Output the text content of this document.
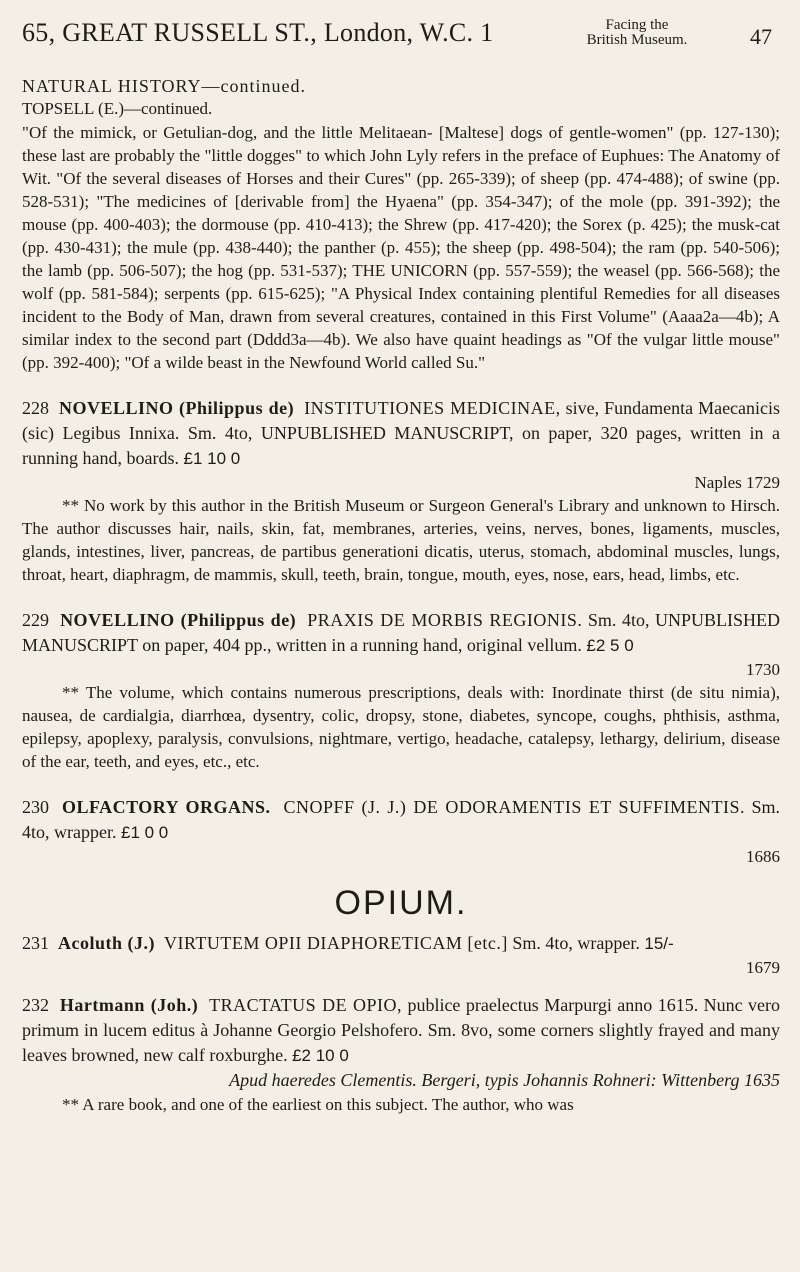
65, GREAT RUSSELL ST., London, W.C. 1	Facing the
British Museum.	47
NATURAL HISTORY—continued.
TOPSELL (E.)—continued.

"Of the mimick, or Getulian-dog, and the little Melitaean- [Maltese] dogs of gentle-women" (pp. 127-130); these last are probably the "little dogges" to which John Lyly refers in the preface of Euphues: The Anatomy of Wit. "Of the several diseases of Horses and their Cures" (pp. 265-339); of sheep (pp. 474-488); of swine (pp. 528-531); "The medicines of [derivable from] the Hyaena" (pp. 354-347); of the mole (pp. 391-392); the mouse (pp. 400-403); the dormouse (pp. 410-413); the Shrew (pp. 417-420); the Sorex (p. 425); the musk-cat (pp. 430-431); the mule (pp. 438-440); the panther (p. 455); the sheep (pp. 498-504); the ram (pp. 540-506); the lamb (pp. 506-507); the hog (pp. 531-537); THE UNICORN (pp. 557-559); the weasel (pp. 566-568); the wolf (pp. 581-584); serpents (pp. 615-625); "A Physical Index containing plentiful Remedies for all diseases incident to the Body of Man, drawn from several creatures, contained in this First Volume" (Aaaa2a—4b); A similar index to the second part (Dddd3a—4b). We also have quaint headings as "Of the vulgar little mouse" (pp. 392-400); "Of a wilde beast in the Newfound World called Su."

228 NOVELLINO (Philippus de) INSTITUTIONES MEDICINAE, sive, Fundamenta Maecanicis (sic) Legibus Innixa. Sm. 4to, UNPUBLISHED MANUSCRIPT, on paper, 320 pages, written in a running hand, boards. £1 10 0

Naples 1729

** No work by this author in the British Museum or Surgeon General's Library and unknown to Hirsch. The author discusses hair, nails, skin, fat, membranes, arteries, veins, nerves, bones, ligaments, muscles, glands, intestines, liver, pancreas, de partibus generationi dicatis, uterus, stomach, abdominal muscles, lungs, throat, heart, diaphragm, de mammis, skull, teeth, brain, tongue, mouth, eyes, nose, ears, head, limbs, etc.

229 NOVELLINO (Philippus de) PRAXIS DE MORBIS REGIONIS. Sm. 4to, UNPUBLISHED MANUSCRIPT on paper, 404 pp., written in a running hand, original vellum. £2 5 0

1730

** The volume, which contains numerous prescriptions, deals with: Inordinate thirst (de situ nimia), nausea, de cardialgia, diarrhœa, dysentry, colic, dropsy, stone, diabetes, syncope, coughs, phthisis, asthma, epilepsy, apoplexy, paralysis, convulsions, nightmare, vertigo, headache, catalepsy, lethargy, delirium, disease of the ear, teeth, and eyes, etc., etc.

230 OLFACTORY ORGANS. CNOPFF (J. J.) DE ODORAMENTIS ET SUFFIMENTIS. Sm. 4to, wrapper. £1 0 0

1686

OPIUM.

231 Acoluth (J.) VIRTUTEM OPII DIAPHORETICAM [etc.] Sm. 4to, wrapper. 15/-

1679

232 Hartmann (Joh.) TRACTATUS DE OPIO, publice praelectus Marpurgi anno 1615. Nunc vero primum in lucem editus à Johanne Georgio Pelshofero. Sm. 8vo, some corners slightly frayed and many leaves browned, new calf roxburghe. £2 10 0

Apud haeredes Clementis. Bergeri, typis Johannis Rohneri: Wittenberg 1635

** A rare book, and one of the earliest on this subject. The author, who was
